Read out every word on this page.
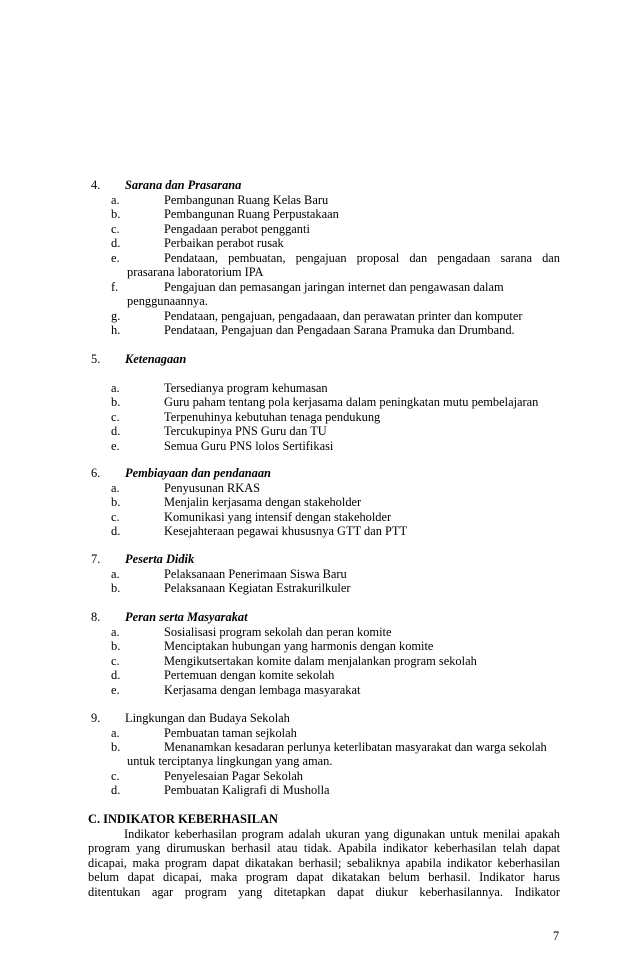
4. Sarana dan Prasarana
a.	Pembangunan Ruang Kelas Baru
b.	Pembangunan Ruang Perpustakaan
c.	Pengadaan perabot pengganti
d.	Perbaikan perabot rusak
e.	Pendataan, pembuatan, pengajuan proposal dan pengadaan sarana dan
prasarana laboratorium IPA
f.	Pengajuan dan pemasangan jaringan internet dan pengawasan dalam
penggunaannya.
g.	Pendataan, pengajuan, pengadaaan, dan perawatan printer dan komputer
h.	Pendataan, Pengajuan dan Pengadaan Sarana Pramuka dan Drumband.
5. Ketenagaan
a.	Tersedianya program kehumasan
b.	Guru paham tentang pola kerjasama dalam peningkatan mutu pembelajaran
c.	Terpenuhinya kebutuhan tenaga pendukung
d.	Tercukupinya PNS Guru dan TU
e.	Semua Guru PNS lolos Sertifikasi
6. Pembiayaan dan pendanaan
a.	Penyusunan RKAS
b.	Menjalin kerjasama dengan stakeholder
c.	Komunikasi yang intensif dengan stakeholder
d.	Kesejahteraan pegawai khususnya GTT dan PTT
7. Peserta Didik
a.	Pelaksanaan Penerimaan Siswa Baru
b.	Pelaksanaan Kegiatan Estrakurilkuler
8. Peran serta Masyarakat
a.	Sosialisasi program sekolah dan peran komite
b.	Menciptakan hubungan yang harmonis dengan komite
c.	Mengikutsertakan komite dalam menjalankan program sekolah
d.	Pertemuan dengan komite sekolah
e.	Kerjasama dengan lembaga masyarakat
9. Lingkungan dan Budaya Sekolah
a.	Pembuatan taman sejkolah
b.	Menanamkan kesadaran perlunya keterlibatan masyarakat dan warga sekolah
untuk terciptanya lingkungan yang aman.
c.	Penyelesaian Pagar Sekolah
d.	Pembuatan Kaligrafi di Musholla
C. INDIKATOR KEBERHASILAN
Indikator keberhasilan program adalah ukuran yang digunakan untuk menilai apakah
program yang dirumuskan berhasil atau tidak. Apabila indikator keberhasilan telah dapat
dicapai, maka program dapat dikatakan berhasil; sebaliknya apabila indikator keberhasilan
belum dapat dicapai, maka program dapat dikatakan belum berhasil. Indikator harus
ditentukan agar program yang ditetapkan dapat diukur keberhasilannya. Indikator
7
